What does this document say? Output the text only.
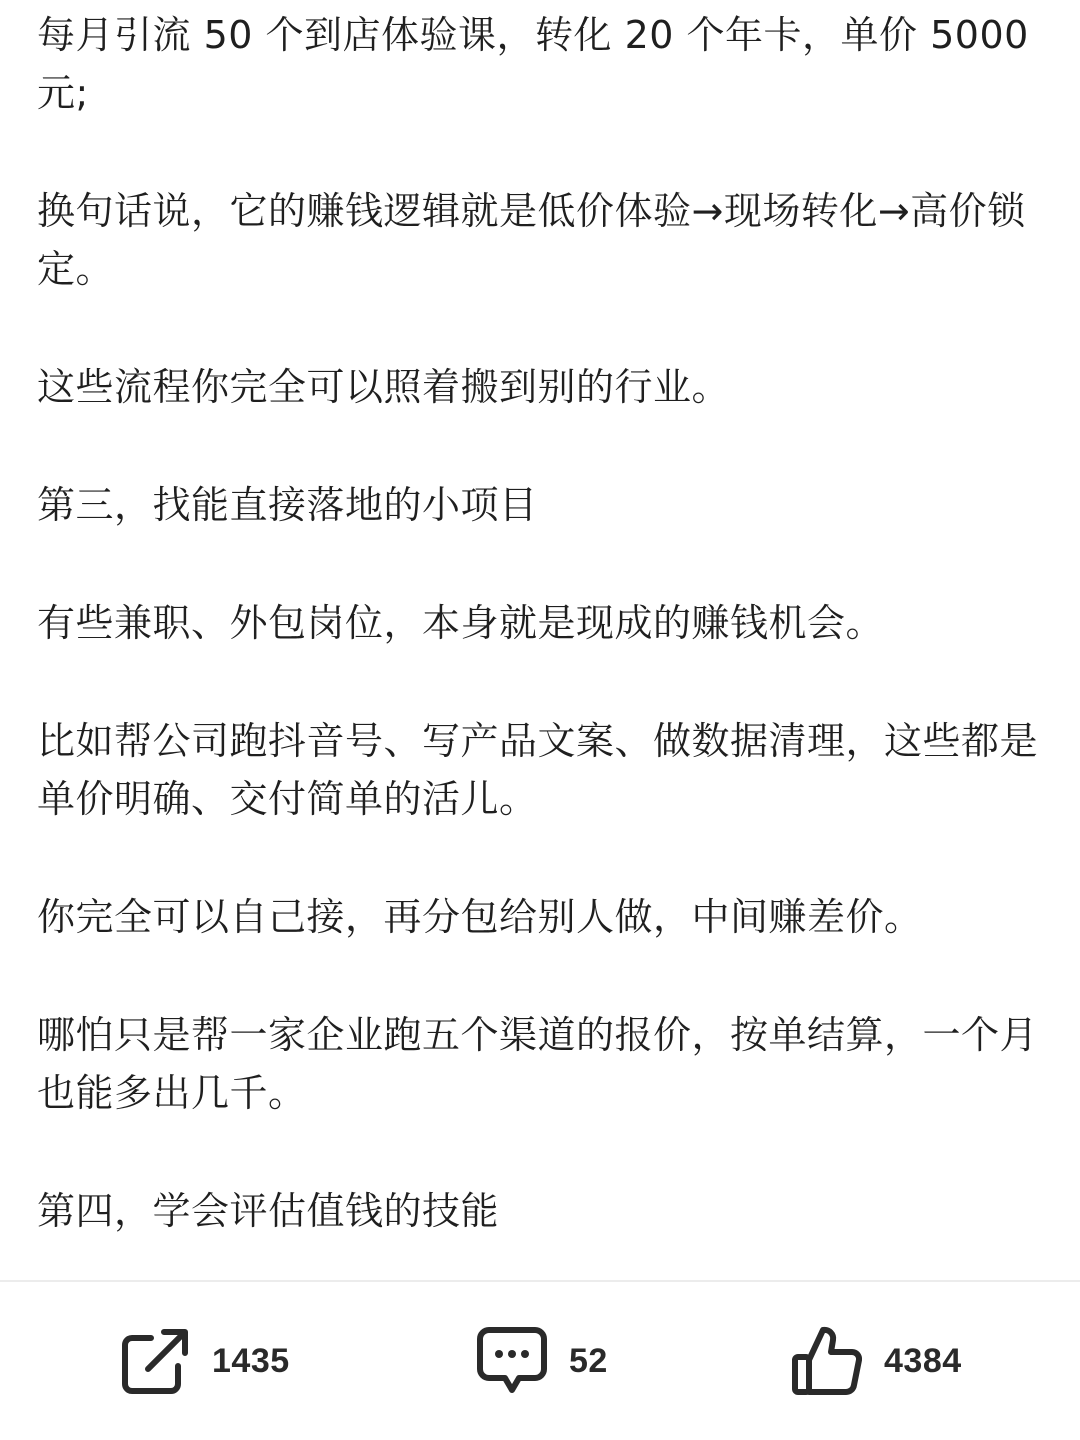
每月引流 50 个到店体验课，转化 20 个年卡，单价 5000 元;

换句话说，它的赚钱逻辑就是低价体验→现场转化→高价锁定。

这些流程你完全可以照着搬到别的行业。

第三，找能直接落地的小项目

有些兼职、外包岗位，本身就是现成的赚钱机会。

比如帮公司跑抖音号、写产品文案、做数据清理，这些都是单价明确、交付简单的活儿。

你完全可以自己接，再分包给别人做，中间赚差价。

哪怕只是帮一家企业跑五个渠道的报价，按单结算，一个月也能多出几千。

第四，学会评估值钱的技能

1435	52	4384
